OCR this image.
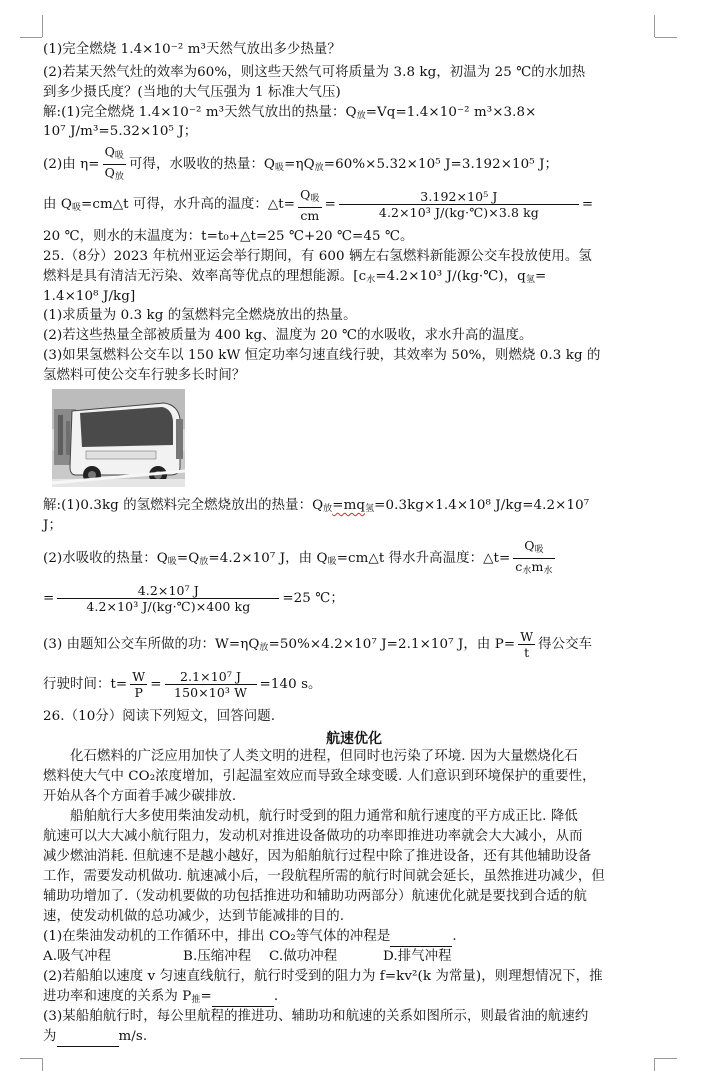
(1)完全燃烧 1.4×10⁻² m³天然气放出多少热量？
(2)若某天然气灶的效率为60%，则这些天然气可将质量为 3.8 kg，初温为 25 ℃的水加热
到多少摄氏度？(当地的大气压强为 1 标准大气压)
解:(1)完全燃烧 1.4×10⁻² m³天然气放出的热量：Q放=Vq=1.4×10⁻² m³×3.8×
10⁷ J/m³=5.32×10⁵ J；
(2)由 $\eta= \frac{\text{Q吸}}{\text{Q放}}$ 可得，水吸收的热量：Q吸=ηQ放=60%×5.32×10⁵ J=3.192×10⁵ J；
由 Q吸=cm△t 可得，水升高的温度：△t= $\frac{\text{Q吸}}{cm} = \frac{\text{3.192×10⁵ J}}{\text{4.2×10³ J/(kg·℃)×3.8 kg}}$ =
20 ℃，则水的末温度为：t=t₀+△t=25 ℃+20 ℃=45 ℃。
25.（8分）2023 年杭州亚运会举行期间，有 600 辆左右氢燃料新能源公交车投放使用。氢
燃料是具有清洁无污染、效率高等优点的理想能源。[c水=4.2×10³ J/(kg·℃)，q氢=
1.4×10⁸ J/kg]
(1)求质量为 0.3 kg 的氢燃料完全燃烧放出的热量。
(2)若这些热量全部被质量为 400 kg、温度为 20 ℃的水吸收，求水升高的温度。
(3)如果氢燃料公交车以 150 kW 恒定功率匀速直线行驶，其效率为 50%，则燃烧 0.3 kg 的
氢燃料可使公交车行驶多长时间？
解:(1)0.3kg 的氢燃料完全燃烧放出的热量：Q放=mq氢=0.3kg×1.4×10⁸ J/kg=4.2×10⁷
J；
(2)水吸收的热量：Q吸=Q放=4.2×10⁷ J，由 Q吸=cm△t 得水升高温度：△t= $\frac{\text{Q吸}}{\text{c水m水}}$
= $\frac{\text{4.2×10⁷ J}}{\text{4.2×10³ J/(kg·℃)×400 kg}} =25$ ℃；
(3) 由题知公交车所做的功：W=ηQ放=50%×4.2×10⁷ J=2.1×10⁷ J，由 $P= \frac{W}{t}$ 得公交车
行驶时间：$t= \frac{W}{P} = \frac{\text{2.1×10⁷ J}}{\text{150×10³ W}} =140$ s。
26.（10分）阅读下列短文，回答问题.
航速优化
化石燃料的广泛应用加快了人类文明的进程，但同时也污染了环境. 因为大量燃烧化石
燃料使大气中 CO₂浓度增加，引起温室效应而导致全球变暖. 人们意识到环境保护的重要性，
开始从各个方面着手减少碳排放.
船舶航行大多使用柴油发动机，航行时受到的阻力通常和航行速度的平方成正比. 降低
航速可以大大减小航行阻力，发动机对推进设备做功的功率即推进功率就会大大减小，从而
减少燃油消耗. 但航速不是越小越好，因为船舶航行过程中除了推进设备，还有其他辅助设备
工作，需要发动机做功. 航速减小后，一段航程所需的航行时间就会延长，虽然推进功减少，但
辅助功增加了.（发动机要做的功包括推进功和辅助功两部分）航速优化就是要找到合适的航
速，使发动机做的总功减少，达到节能减排的目的.
(1)在柴油发动机的工作循环中，排出 CO₂等气体的冲程是	.
A.吸气冲程	B.压缩冲程 C.做功冲程	D.排气冲程
(2)若船舶以速度 v 匀速直线航行，航行时受到的阻力为 f=kv²(k 为常量)，则理想情况下，推
进功率和速度的关系为 P推=	.
(3)某船舶航行时，每公里航程的推进功、辅助功和航速的关系如图所示，则最省油的航速约
为	m/s.
